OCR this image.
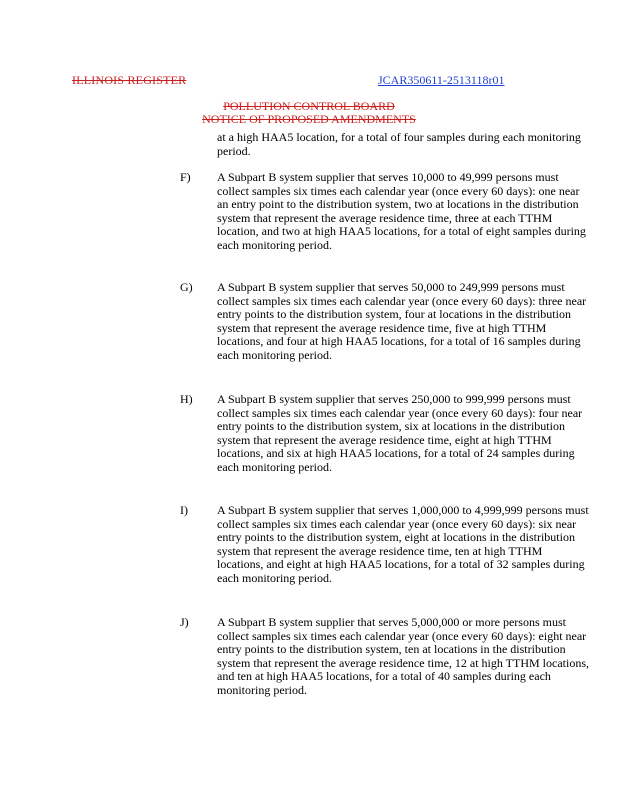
ILLINOIS REGISTER	JCAR350611-2513118r01
POLLUTION CONTROL BOARD
NOTICE OF PROPOSED AMENDMENTS

at a high HAA5 location, for a total of four samples during each monitoring period.

F) A Subpart B system supplier that serves 10,000 to 49,999 persons must collect samples six times each calendar year (once every 60 days): one near an entry point to the distribution system, two at locations in the distribution system that represent the average residence time, three at each TTHM location, and two at high HAA5 locations, for a total of eight samples during each monitoring period.

G) A Subpart B system supplier that serves 50,000 to 249,999 persons must collect samples six times each calendar year (once every 60 days): three near entry points to the distribution system, four at locations in the distribution system that represent the average residence time, five at high TTHM locations, and four at high HAA5 locations, for a total of 16 samples during each monitoring period.

H) A Subpart B system supplier that serves 250,000 to 999,999 persons must collect samples six times each calendar year (once every 60 days): four near entry points to the distribution system, six at locations in the distribution system that represent the average residence time, eight at high TTHM locations, and six at high HAA5 locations, for a total of 24 samples during each monitoring period.

I) A Subpart B system supplier that serves 1,000,000 to 4,999,999 persons must collect samples six times each calendar year (once every 60 days): six near entry points to the distribution system, eight at locations in the distribution system that represent the average residence time, ten at high TTHM locations, and eight at high HAA5 locations, for a total of 32 samples during each monitoring period.

J) A Subpart B system supplier that serves 5,000,000 or more persons must collect samples six times each calendar year (once every 60 days): eight near entry points to the distribution system, ten at locations in the distribution system that represent the average residence time, 12 at high TTHM locations, and ten at high HAA5 locations, for a total of 40 samples during each monitoring period.
